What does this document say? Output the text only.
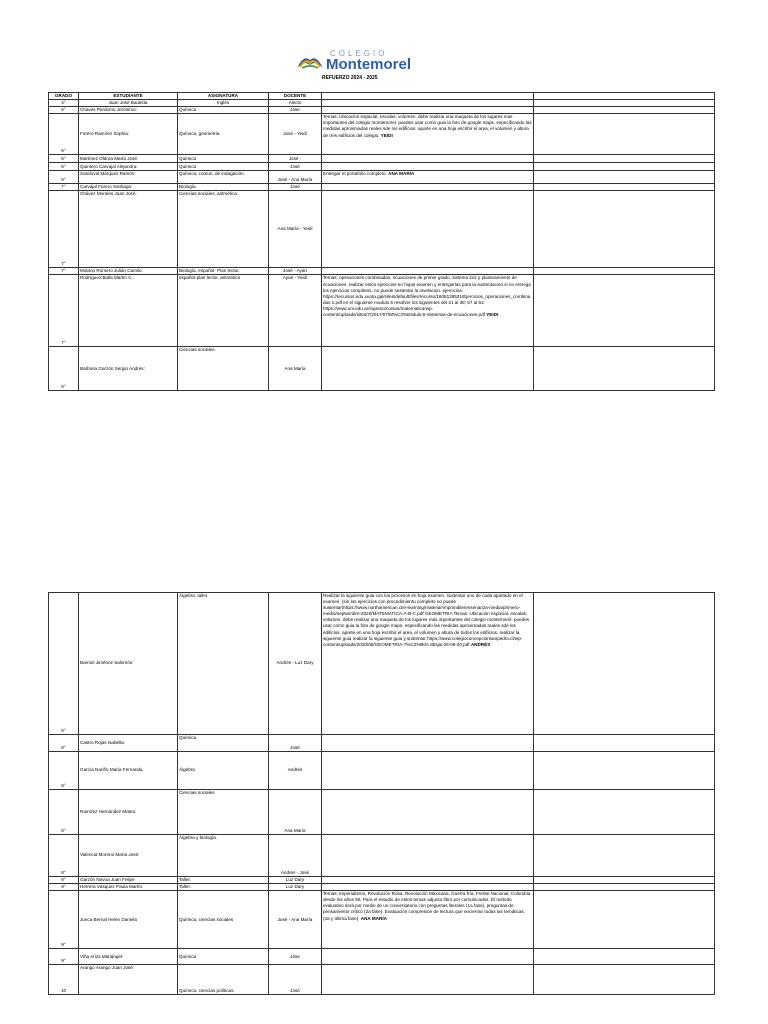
COLEGIO
Montemorel
REFUERZO 2024 - 2025
GRADO	ESTUDIANTE	ASIGNATURA	DOCENTE		
4°	Juan José Bautista	Inglés	Alecto		
6°	Chaves Perdomo Jerónimo:	Química	Jóse		
6°	Forero Ramírez Sophia:	Química, geometría.	José - Yeidi	Temas: Ubicacion espacial, escalas, volumen. debe realizar una maqueta de los lugares mas importantes del colegio montemorel. puedes usar como guia la foto de google maps. especificando las medidas aproximadas reales sde los edificios. aparte en una hoja escribir el area, el volumen y altura de tres edificios del colegio. YEIDI	
6°	Martínez Oldora María José:	Química	José -		
6°	Quintero Carvajal Alejandra:	Química	José		
6°	Sandoval Márquez Ramón:	Química, comun. de indagación.	José - Ana María	Entregar el portafolio completo. ANA MARÍA	
7°	Carvajal Forero Santiago:	Biología.	José		
7°	Chávez Morales Juan José:	Ciencias sociales, aritmética.	Ana María - Yeidi		
7°	Molano Romero Julián Camilo:	Biología, español- Plan lector.	José - Ayari		
7°	Rodríguez Bulla Martín C.	español-plan lector, aritmética	Ayari - Yeidi	Temas: operaciones combinadas, ecuaciones de primer grado, sistema 2x2 y planteamiento de ecuaciones. realizar estos ejercicios en hojas examen y entregarlas para la sustentacion si no entrega los ejercicios completos, no puede sustentar la nivelacion. ejercicios: https://recursos.edu.xunta.gal/sites/default/files/recurso/1608139531/Ejercicios_operaciones_combinadas 1.pdf en el siguiente modulo 5 resolver los siguientes del 21 al 38; 57 al 63 https://www.uni.edu.ar/ingreso/cursos/matematica/wp-content/uploads/sites/7/2017/07/M%C3%B3dulo-5-Sistemas-de-ecuaciones.pdf YEIDI	
8°	Barbosa Garzón Sergio Andrés:	Ciencias sociales.	Ana María		
8°	Barrios Jiménez Salomón:	Álgebra, taller.	Andrés - Luz Dary	Realizar la siguiente guia con los procesos en hoja examen. sustentar uno de cada apartado en el examen. (sin los ejercicios con procedimiento completo no puede sustentar)https://www.northamerican.cl/e-learning/material-imprimible/ensenanza-media/primero-medio/septiembre-2020/MATEMATICA-A-B-C.pdf GEOMETRIA Temas: Ubicacion espacial, escalas, volumen. debe realizar una maqueta de los lugares mas importantes del colegio montemorel. puedes usar como guia la foto de google maps. especificando las medidas aproximadas reales sde los edificios. aparte en una hoja escribir el area, el volumen y altura de todos los edificios. realizar la siguiente guia realizar la siguiente guia y sustentar https://www.colegioconcepcionsanpedro.cl/wp-content/uploads/2020/06/GEOMETRIA-7%C2%B0A.8bsjai.06-06-20.pdf ANDRÉS	
8°	Castro Rojas Isabella:	Química.	José		
8°	García Nariño María Fernanda	Álgebra	Andrés		
8°	Ramírez Hernández Mateo:	Ciencias sociales	Ana María		
8°	Valencia Moreno María José:	Álgebra y biología.	Andrés - José		
9°	Garzón Novoa Juan Felipe	Taller.	Luz Dary		
9°	Herrera Vásquez Paula Martín.	Taller.	Luz Dary		
9°	Junca Bernal Helen Daniela	Química, ciencias sociales	José - Ana María	Temas: Imperialismo, Revolución Rusa, Revolución Mexicana, Guerra fría, Frente Nacional, Colombia desde los años 90. Para el estudio de estos temas adjunto libro por comunicados. El método evaluativo será por medio de un conversatorio con preguntas literales (1a fase), preguntas de pensamiento crítico (2a fase), Evaluación compresión de lectura que encierran todas las temáticas. (3a y última fase). ANA MARÍA	
9°	Viña Ariza Mariángel:	Química	Jóse		
10	Arango Arango Juan José:	Química, ciencias políticas.	José		
